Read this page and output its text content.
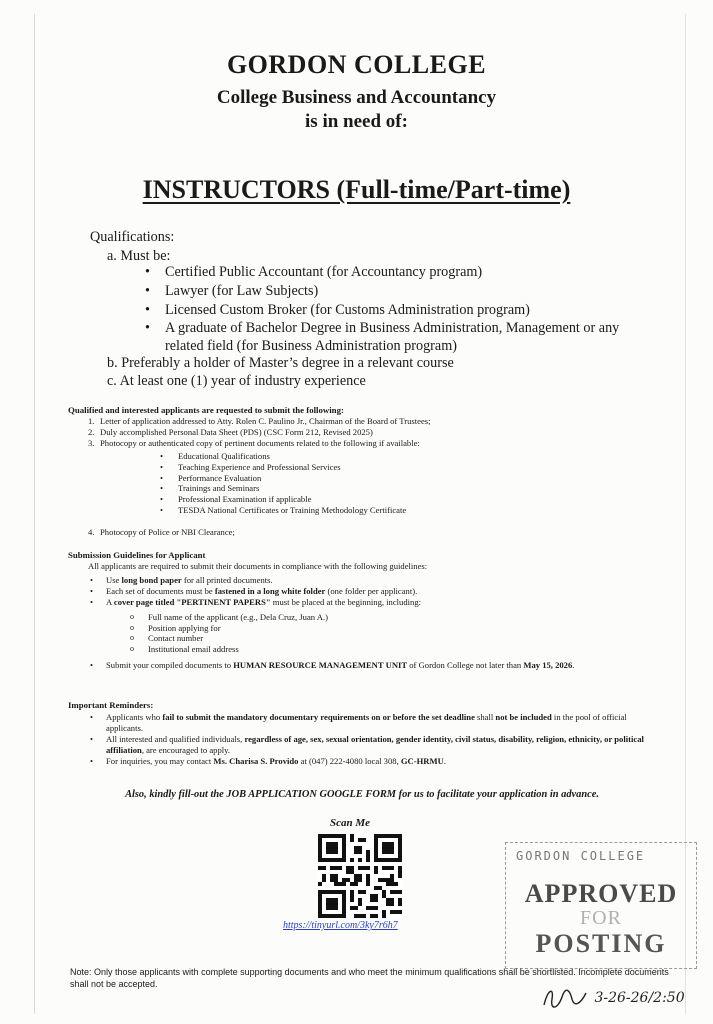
GORDON COLLEGE
College Business and Accountancy
is in need of:
INSTRUCTORS (Full-time/Part-time)
Qualifications:
a. Must be:
• Certified Public Accountant (for Accountancy program)
• Lawyer (for Law Subjects)
• Licensed Custom Broker (for Customs Administration program)
• A graduate of Bachelor Degree in Business Administration, Management or any related field (for Business Administration program)
b. Preferably a holder of Master’s degree in a relevant course
c. At least one (1) year of industry experience
Qualified and interested applicants are requested to submit the following:
1. Letter of application addressed to Atty. Rolen C. Paulino Jr., Chairman of the Board of Trustees;
2. Duly accomplished Personal Data Sheet (PDS) (CSC Form 212, Revised 2025)
3. Photocopy or authenticated copy of pertinent documents related to the following if available:
• Educational Qualifications
• Teaching Experience and Professional Services
• Performance Evaluation
• Trainings and Seminars
• Professional Examination if applicable
• TESDA National Certificates or Training Methodology Certificate
4. Photocopy of Police or NBI Clearance;
Submission Guidelines for Applicant
All applicants are required to submit their documents in compliance with the following guidelines:
• Use long bond paper for all printed documents.
• Each set of documents must be fastened in a long white folder (one folder per applicant).
• A cover page titled "PERTINENT PAPERS" must be placed at the beginning, including:
o Full name of the applicant (e.g., Dela Cruz, Juan A.)
o Position applying for
o Contact number
o Institutional email address
• Submit your compiled documents to HUMAN RESOURCE MANAGEMENT UNIT of Gordon College not later than May 15, 2026.
Important Reminders:
• Applicants who fail to submit the mandatory documentary requirements on or before the set deadline shall not be included in the pool of official applicants.
• All interested and qualified individuals, regardless of age, sex, sexual orientation, gender identity, civil status, disability, religion, ethnicity, or political affiliation, are encouraged to apply.
• For inquiries, you may contact Ms. Charisa S. Provido at (047) 222-4080 local 308, GC-HRMU.
Also, kindly fill-out the JOB APPLICATION GOOGLE FORM for us to facilitate your application in advance.
Scan Me
https://tinyurl.com/3ky7r6h7
GORDON COLLEGE
APPROVED
FOR
POSTING
Note: Only those applicants with complete supporting documents and who meet the minimum qualifications shall be shortlisted. Incomplete documents shall not be accepted.
3-26-26/2:50
